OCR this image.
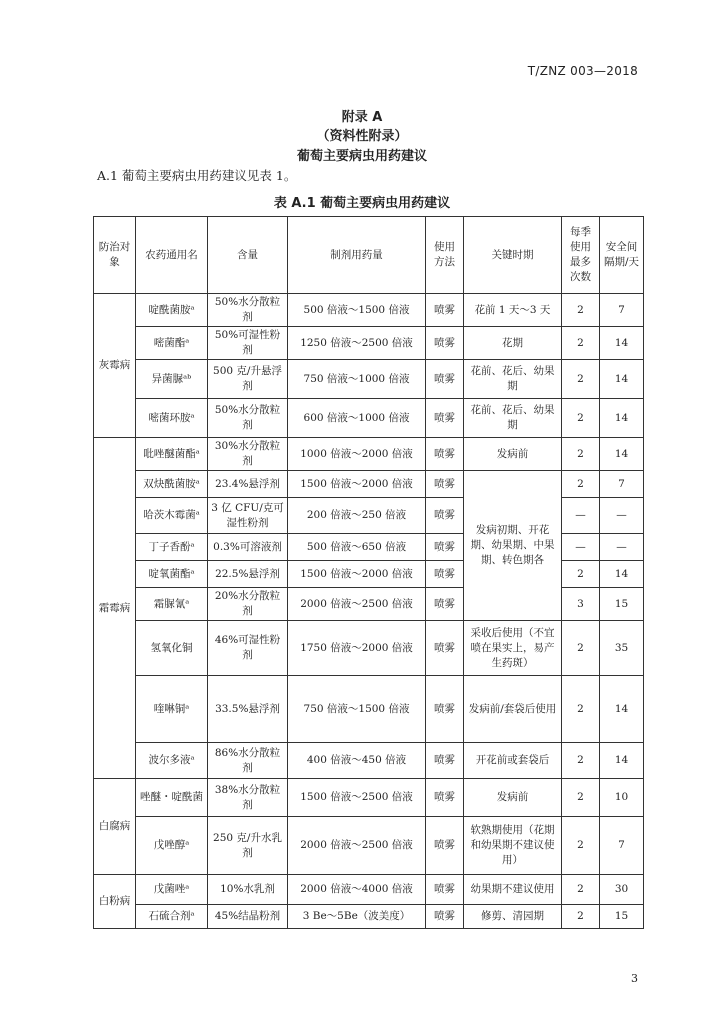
T/ZNZ 003—2018
附录 A
（资料性附录）
葡萄主要病虫用药建议
A.1 葡萄主要病虫用药建议见表 1。
表 A.1 葡萄主要病虫用药建议
防治对象	农药通用名	含量	制剂用药量	使用方法	关键时期	每季使用最多次数	安全间隔期/天
灰霉病	啶酰菌胺ᵃ	50%水分散粒剂	500 倍液～1500 倍液	喷雾	花前 1 天～3 天	2	7
	嘧菌酯ᵃ	50%可湿性粉剂	1250 倍液～2500 倍液	喷雾	花期	2	14
	异菌脲ᵃᵇ	500 克/升悬浮剂	750 倍液～1000 倍液	喷雾	花前、花后、幼果期	2	14
	嘧菌环胺ᵃ	50%水分散粒剂	600 倍液～1000 倍液	喷雾	花前、花后、幼果期	2	14
霜霉病	吡唑醚菌酯ᵃ	30%水分散粒剂	1000 倍液～2000 倍液	喷雾	发病前	2	14
	双炔酰菌胺ᵃ	23.4%悬浮剂	1500 倍液～2000 倍液	喷雾	发病初期、开花期、幼果期、中果期、转色期各	2	7
	哈茨木霉菌ᵃ	3 亿 CFU/克可湿性粉剂	200 倍液～250 倍液	喷雾		—	—
	丁子香酚ᵃ	0.3%可溶液剂	500 倍液～650 倍液	喷雾		—	—
	啶氧菌酯ᵃ	22.5%悬浮剂	1500 倍液～2000 倍液	喷雾		2	14
	霜脲氰ᵃ	20%水分散粒剂	2000 倍液～2500 倍液	喷雾		3	15
	氢氧化铜	46%可湿性粉剂	1750 倍液～2000 倍液	喷雾	采收后使用（不宜喷在果实上，易产生药斑）	2	35
	喹啉铜ᵃ	33.5%悬浮剂	750 倍液～1500 倍液	喷雾	发病前/套袋后使用	2	14
	波尔多液ᵃ	86%水分散粒剂	400 倍液～450 倍液	喷雾	开花前或套袋后	2	14
白腐病	唑醚・啶酰菌	38%水分散粒剂	1500 倍液～2500 倍液	喷雾	发病前	2	10
	戊唑醇ᵃ	250 克/升水乳剂	2000 倍液～2500 倍液	喷雾	软熟期使用（花期和幼果期不建议使用）	2	7
白粉病	戊菌唑ᵃ	10%水乳剂	2000 倍液～4000 倍液	喷雾	幼果期不建议使用	2	30
	石硫合剂ᵃ	45%结晶粉剂	3 Be～5Be（波美度）	喷雾	修剪、清园期	2	15
3
